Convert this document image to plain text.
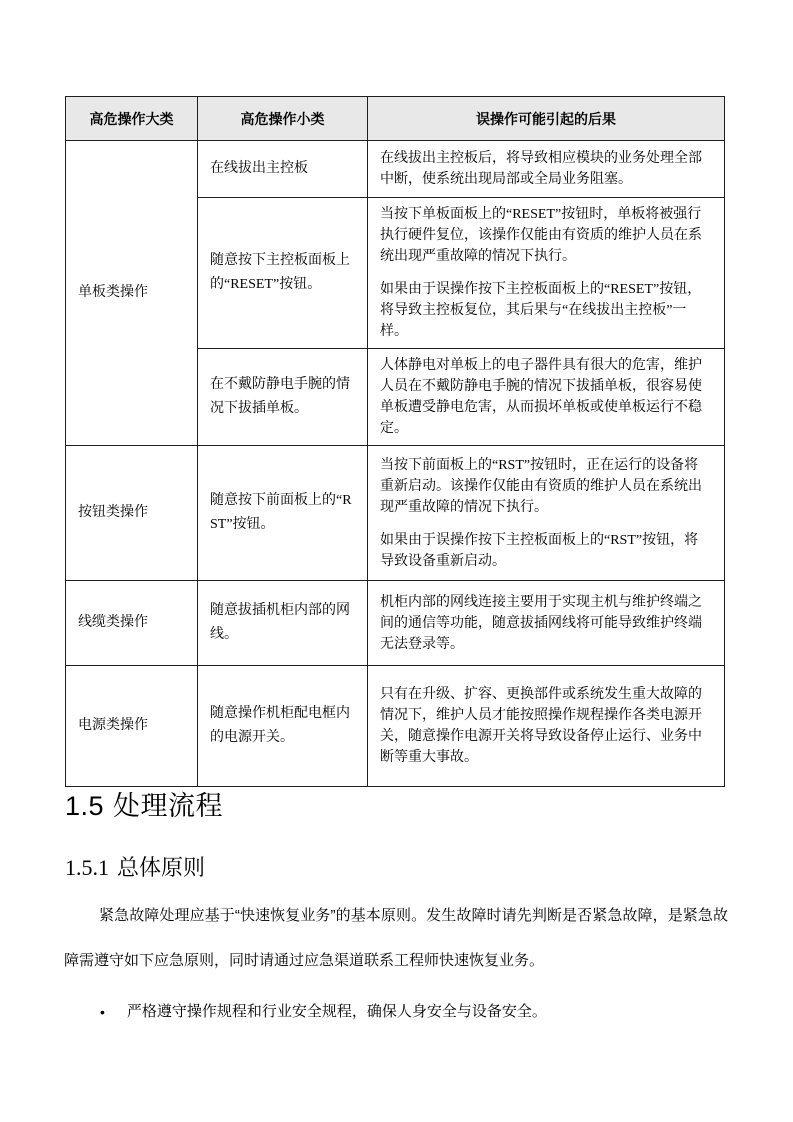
高危操作大类	高危操作小类	误操作可能引起的后果
单板类操作	在线拔出主控板	在线拔出主控板后，将导致相应模块的业务处理全部中断，使系统出现局部或全局业务阻塞。

	随意按下主控板面板上的“RESET”按钮。	当按下单板面板上的“RESET”按钮时，单板将被强行执行硬件复位，该操作仅能由有资质的维护人员在系统出现严重故障的情况下执行。

如果由于误操作按下主控板面板上的“RESET”按钮，将导致主控板复位，其后果与“在线拔出主控板”一样。

	在不戴防静电手腕的情况下拔插单板。	人体静电对单板上的电子器件具有很大的危害，维护人员在不戴防静电手腕的情况下拔插单板，很容易使单板遭受静电危害，从而损坏单板或使单板运行不稳定。

按钮类操作	随意按下前面板上的“RST”按钮。	当按下前面板上的“RST”按钮时，正在运行的设备将重新启动。该操作仅能由有资质的维护人员在系统出现严重故障的情况下执行。

如果由于误操作按下主控板面板上的“RST”按钮，将导致设备重新启动。

线缆类操作	随意拔插机柜内部的网线。	机柜内部的网线连接主要用于实现主机与维护终端之间的通信等功能，随意拔插网线将可能导致维护终端无法登录等。

电源类操作	随意操作机柜配电框内的电源开关。	只有在升级、扩容、更换部件或系统发生重大故障的情况下，维护人员才能按照操作规程操作各类电源开关，随意操作电源开关将导致设备停止运行、业务中断等重大事故。

1.5 处理流程
1.5.1 总体原则

紧急故障处理应基于“快速恢复业务”的基本原则。发生故障时请先判断是否紧急故障，是紧急故障需遵守如下应急原则，同时请通过应急渠道联系工程师快速恢复业务。

• 严格遵守操作规程和行业安全规程，确保人身安全与设备安全。
